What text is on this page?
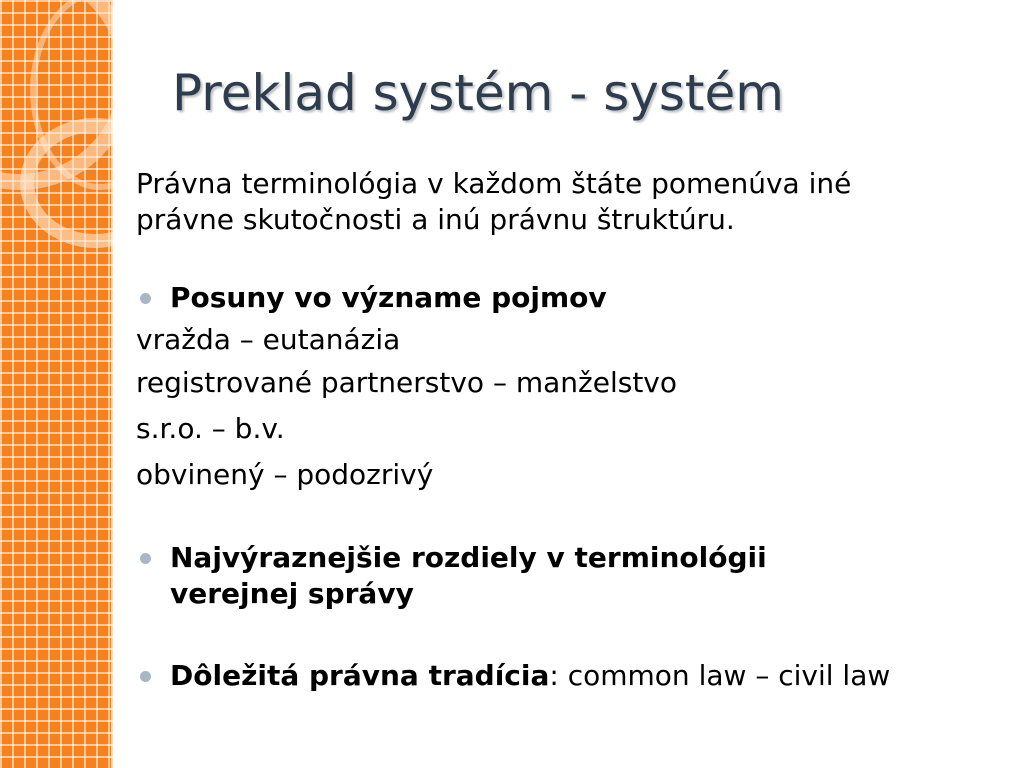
Preklad systém - systém

Právna terminológia v každom štáte pomenúva iné
právne skutočnosti a inú právnu štruktúru.

Posuny vo význame pojmov

vražda – eutanázia

registrované partnerstvo – manželstvo

s.r.o. – b.v.

obvinený – podozrivý

Najvýraznejšie rozdiely v terminológii
verejnej správy

Dôležitá právna tradícia: common law – civil law
